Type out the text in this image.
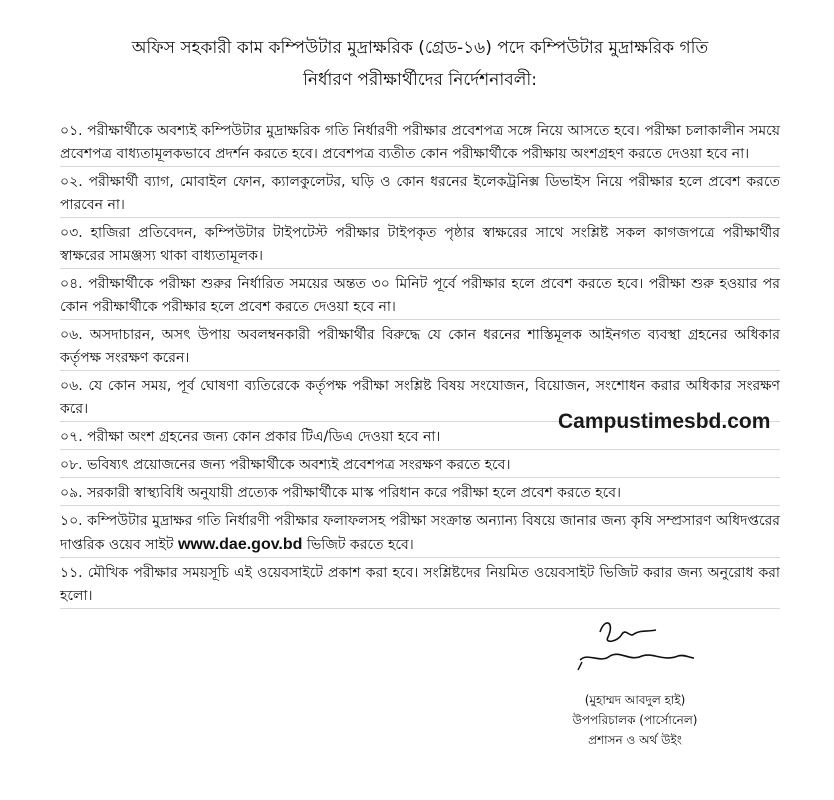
অফিস সহকারী কাম কম্পিউটার মুদ্রাক্ষরিক (গ্রেড-১৬) পদে কম্পিউটার মুদ্রাক্ষরিক গতি
নির্ধারণ পরীক্ষার্থীদের নির্দেশনাবলী:
০১. পরীক্ষার্থীকে অবশ্যই কম্পিউটার মুদ্রাক্ষরিক গতি নির্ধারণী পরীক্ষার প্রবেশপত্র সঙ্গে নিয়ে আসতে হবে। পরীক্ষা চলাকালীন সময়ে প্রবেশপত্র বাধ্যতামূলকভাবে প্রদর্শন করতে হবে। প্রবেশপত্র ব্যতীত কোন পরীক্ষার্থীকে পরীক্ষায় অংশগ্রহণ করতে দেওয়া হবে না।
০২. পরীক্ষার্থী ব্যাগ, মোবাইল ফোন, ক্যালকুলেটর, ঘড়ি ও কোন ধরনের ইলেকট্রনিক্স ডিভাইস নিয়ে পরীক্ষার হলে প্রবেশ করতে পারবেন না।
০৩. হাজিরা প্রতিবেদন, কম্পিউটার টাইপটেস্ট পরীক্ষার টাইপকৃত পৃষ্ঠার স্বাক্ষরের সাথে সংশ্লিষ্ট সকল কাগজপত্রে পরীক্ষার্থীর স্বাক্ষরের সামঞ্জস্য থাকা বাধ্যতামূলক।
০৪. পরীক্ষার্থীকে পরীক্ষা শুরুর নির্ধারিত সময়ের অন্তত ৩০ মিনিট পূর্বে পরীক্ষার হলে প্রবেশ করতে হবে। পরীক্ষা শুরু হওয়ার পর কোন পরীক্ষার্থীকে পরীক্ষার হলে প্রবেশ করতে দেওয়া হবে না।
০৬. অসদাচারন, অসৎ উপায় অবলম্বনকারী পরীক্ষার্থীর বিরুদ্ধে যে কোন ধরনের শাস্তিমূলক আইনগত ব্যবস্থা গ্রহনের অধিকার কর্তৃপক্ষ সংরক্ষণ করেন।
০৬. যে কোন সময়, পূর্ব ঘোষণা ব্যতিরেকে কর্তৃপক্ষ পরীক্ষা সংশ্লিষ্ট বিষয় সংযোজন, বিয়োজন, সংশোধন করার অধিকার সংরক্ষণ করে।
০৭. পরীক্ষা অংশ গ্রহনের জন্য কোন প্রকার টিএ/ডিএ দেওয়া হবে না।
০৮. ভবিষ্যৎ প্রয়োজনের জন্য পরীক্ষার্থীকে অবশ্যই প্রবেশপত্র সংরক্ষণ করতে হবে।
০৯. সরকারী স্বাস্থ্যবিধি অনুযায়ী প্রত্যেক পরীক্ষার্থীকে মাস্ক পরিধান করে পরীক্ষা হলে প্রবেশ করতে হবে।
১০. কম্পিউটার মুদ্রাক্ষর গতি নির্ধারণী পরীক্ষার ফলাফলসহ পরীক্ষা সংক্রান্ত অন্যান্য বিষয়ে জানার জন্য কৃষি সম্প্রসারণ অধিদপ্তরের দাপ্তরিক ওয়েব সাইট www.dae.gov.bd ভিজিট করতে হবে।
১১. মৌখিক পরীক্ষার সময়সূচি এই ওয়েবসাইটে প্রকাশ করা হবে। সংশ্লিষ্টদের নিয়মিত ওয়েবসাইট ভিজিট করার জন্য অনুরোধ করা হলো।
Campustimesbd.com
(মুহাম্মদ আবদুল হাই)
উপপরিচালক (পার্সোনেল)
প্রশাসন ও অর্থ উইং
